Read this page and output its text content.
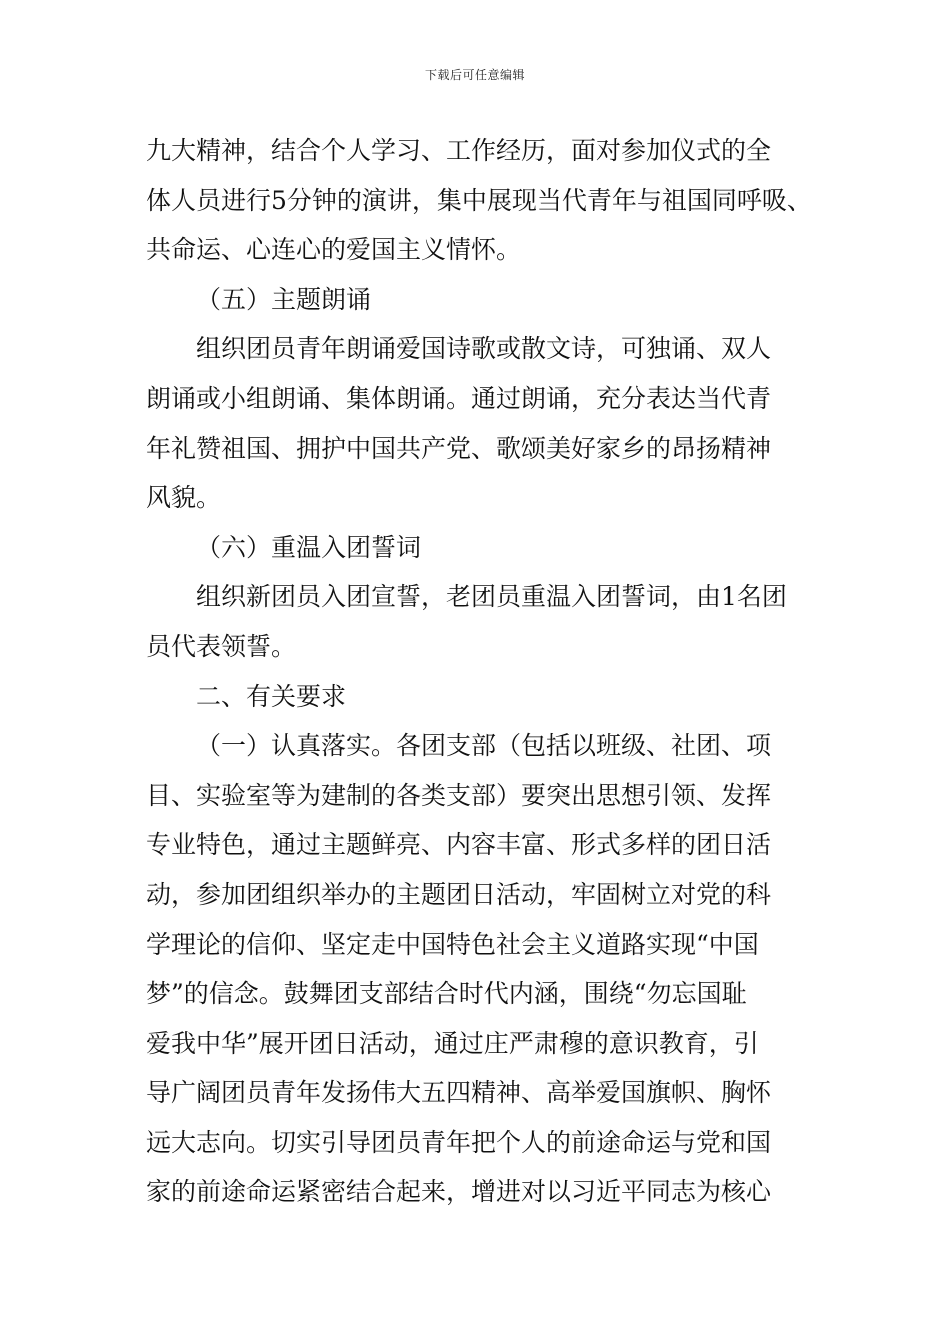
下载后可任意编辑

九大精神，结合个人学习、工作经历，面对参加仪式的全

体人员进行5分钟的演讲，集中展现当代青年与祖国同呼吸、

共命运、心连心的爱国主义情怀。

（五）主题朗诵

组织团员青年朗诵爱国诗歌或散文诗，可独诵、双人

朗诵或小组朗诵、集体朗诵。通过朗诵，充分表达当代青

年礼赞祖国、拥护中国共产党、歌颂美好家乡的昂扬精神

风貌。

（六）重温入团誓词

组织新团员入团宣誓，老团员重温入团誓词，由1名团

员代表领誓。

二、有关要求

（一）认真落实。各团支部（包括以班级、社团、项

目、实验室等为建制的各类支部）要突出思想引领、发挥

专业特色，通过主题鲜亮、内容丰富、形式多样的团日活

动，参加团组织举办的主题团日活动，牢固树立对党的科

学理论的信仰、坚定走中国特色社会主义道路实现“中国

梦”的信念。鼓舞团支部结合时代内涵，围绕“勿忘国耻

爱我中华”展开团日活动，通过庄严肃穆的意识教育，引

导广阔团员青年发扬伟大五四精神、高举爱国旗帜、胸怀

远大志向。切实引导团员青年把个人的前途命运与党和国

家的前途命运紧密结合起来，增进对以习近平同志为核心
